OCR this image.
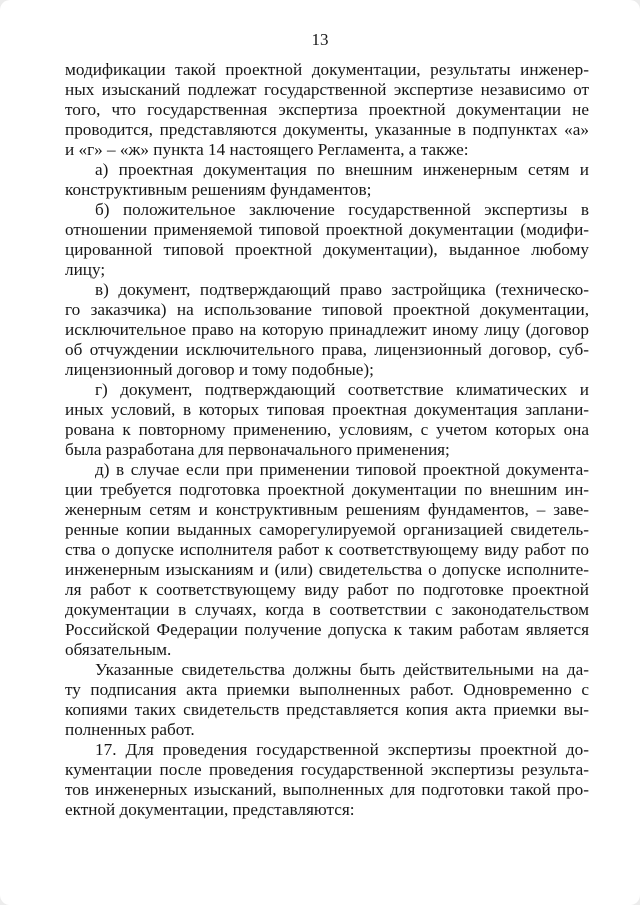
13
модификации такой проектной документации, результаты инженер-
ных изысканий подлежат государственной экспертизе независимо от
того, что государственная экспертиза проектной документации не
проводится, представляются документы, указанные в подпунктах «а»
и «г» – «ж» пункта 14 настоящего Регламента, а также:
а) проектная документация по внешним инженерным сетям и
конструктивным решениям фундаментов;
б) положительное заключение государственной экспертизы в
отношении применяемой типовой проектной документации (модифи-
цированной типовой проектной документации), выданное любому
лицу;
в) документ, подтверждающий право застройщика (техническо-
го заказчика) на использование типовой проектной документации,
исключительное право на которую принадлежит иному лицу (договор
об отчуждении исключительного права, лицензионный договор, суб-
лицензионный договор и тому подобные);
г) документ, подтверждающий соответствие климатических и
иных условий, в которых типовая проектная документация заплани-
рована к повторному применению, условиям, с учетом которых она
была разработана для первоначального применения;
д) в случае если при применении типовой проектной документа-
ции требуется подготовка проектной документации по внешним ин-
женерным сетям и конструктивным решениям фундаментов, – заве-
ренные копии выданных саморегулируемой организацией свидетель-
ства о допуске исполнителя работ к соответствующему виду работ по
инженерным изысканиям и (или) свидетельства о допуске исполните-
ля работ к соответствующему виду работ по подготовке проектной
документации в случаях, когда в соответствии с законодательством
Российской Федерации получение допуска к таким работам является
обязательным.
Указанные свидетельства должны быть действительными на да-
ту подписания акта приемки выполненных работ. Одновременно с
копиями таких свидетельств представляется копия акта приемки вы-
полненных работ.
17. Для проведения государственной экспертизы проектной до-
кументации после проведения государственной экспертизы результа-
тов инженерных изысканий, выполненных для подготовки такой про-
ектной документации, представляются:
